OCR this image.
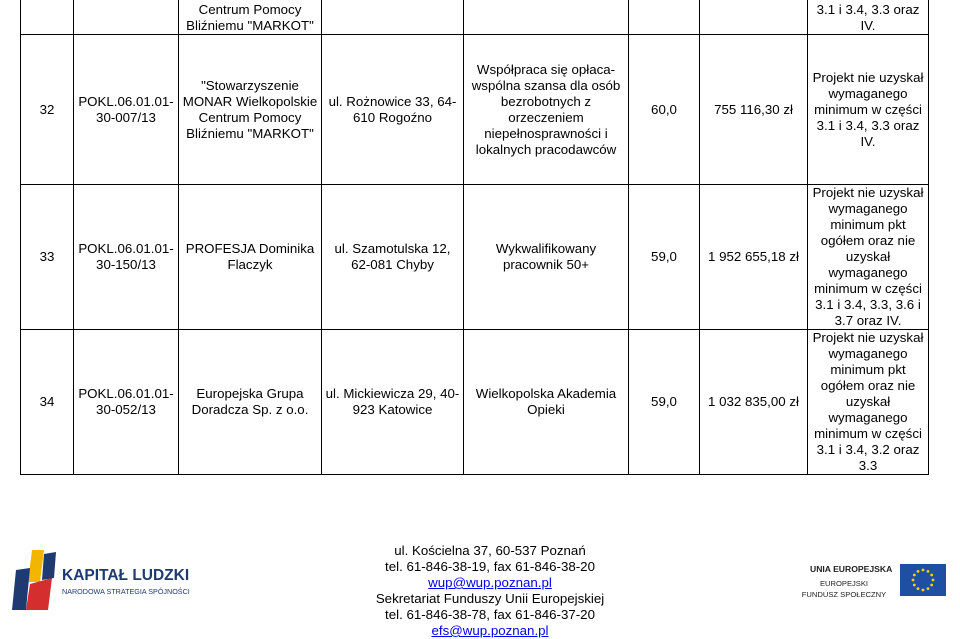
		Centrum Pomocy
Bliźniemu "MARKOT"					3.1 i 3.4, 3.3 oraz
IV.

32	POKL.06.01.01-30-007/13	"Stowarzyszenie MONAR Wielkopolskie Centrum Pomocy Bliźniemu "MARKOT"	ul. Rożnowice 33, 64-610 Rogoźno	Współpraca się opłaca-wspólna szansa dla osób bezrobotnych z orzeczeniem niepełnosprawności i lokalnych pracodawców	60,0	755 116,30 zł	Projekt nie uzyskał wymaganego minimum w części 3.1 i 3.4, 3.3 oraz IV.
33	POKL.06.01.01-30-150/13	PROFESJA Dominika Flaczyk	ul. Szamotulska 12, 62-081 Chyby	Wykwalifikowany pracownik 50+	59,0	1 952 655,18 zł	Projekt nie uzyskał wymaganego minimum pkt ogółem oraz nie uzyskał wymaganego minimum w części 3.1 i 3.4, 3.3, 3.6 i 3.7 oraz IV.
34	POKL.06.01.01-30-052/13	Europejska Grupa Doradcza Sp. z o.o.	ul. Mickiewicza 29, 40-923 Katowice	Wielkopolska Akademia Opieki	59,0	1 032 835,00 zł	Projekt nie uzyskał wymaganego minimum pkt ogółem oraz nie uzyskał wymaganego minimum w części 3.1 i 3.4, 3.2 oraz 3.3
KAPITAŁ LUDZKI
NARODOWA STRATEGIA SPÓJNOŚCI
ul. Kościelna 37, 60-537 Poznań
tel. 61-846-38-19, fax 61-846-38-20
wup@wup.poznan.pl
Sekretariat Funduszy Unii Europejskiej
tel. 61-846-38-78, fax 61-846-37-20
efs@wup.poznan.pl
UNIA EUROPEJSKA
EUROPEJSKI
FUNDUSZ SPOŁECZNY
